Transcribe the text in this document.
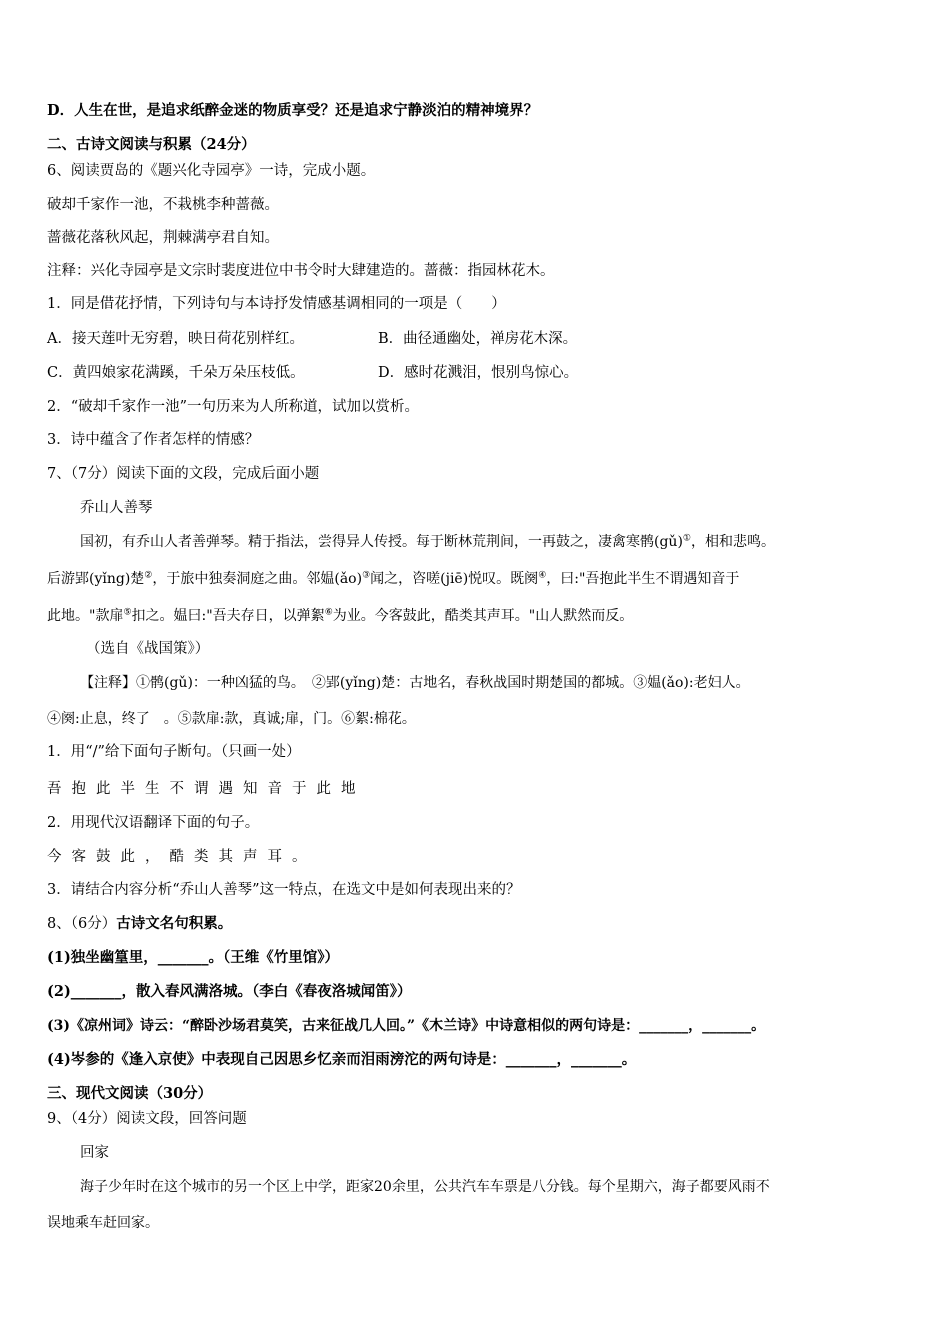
D．人生在世，是追求纸醉金迷的物质享受？还是追求宁静淡泊的精神境界？
二、古诗文阅读与积累（24分）
6、阅读贾岛的《题兴化寺园亭》一诗，完成小题。
破却千家作一池，不栽桃李种蔷薇。
蔷薇花落秋风起，荆棘满亭君自知。
注释：兴化寺园亭是文宗时裴度进位中书令时大肆建造的。蔷薇：指园林花木。
1．同是借花抒情，下列诗句与本诗抒发情感基调相同的一项是（　　）
A．接天莲叶无穷碧，映日荷花别样红。	B．曲径通幽处，禅房花木深。
C．黄四娘家花满蹊，千朵万朵压枝低。	D．感时花溅泪，恨别鸟惊心。
2．“破却千家作一池”一句历来为人所称道，试加以赏析。
3．诗中蕴含了作者怎样的情感？
7、（7分）阅读下面的文段，完成后面小题
乔山人善琴
国初，有乔山人者善弹琴。精于指法，尝得异人传授。每于断林荒荆间，一再鼓之，凄禽寒鹘(gǔ)①，相和悲鸣。
后游郢(yǐng)楚②，于旅中独奏洞庭之曲。邻媪(ǎo)③闻之，咨嗟(jiē)悦叹。既阕④，曰:"吾抱此半生不谓遇知音于
此地。"款扉⑤扣之。媪曰:"吾夫存日，以弹絮⑥为业。今客鼓此，酷类其声耳。"山人默然而反。
（选自《战国策》）
【注释】①鹘(gǔ)：一种凶猛的鸟。　②郢(yǐng)楚：古地名，春秋战国时期楚国的都城。③媪(ǎo):老妇人。
④阕:止息，终了　。⑤款扉:款，真诚;扉，门。⑥絮:棉花。
1．用“/”给下面句子断句。（只画一处）
吾抱此半生不谓遇知音于此地
2．用现代汉语翻译下面的句子。
今客鼓此，酷类其声耳。
3．请结合内容分析“乔山人善琴”这一特点，在选文中是如何表现出来的？
8、（6分）古诗文名句积累。
(1)独坐幽篁里，_______。（王维《竹里馆》）
(2)_______，散入春风满洛城。（李白《春夜洛城闻笛》）
(3)《凉州词》诗云：“醉卧沙场君莫笑，古来征战几人回。”《木兰诗》中诗意相似的两句诗是：_______，_______。
(4)岑参的《逢入京使》中表现自己因思乡忆亲而泪雨滂沱的两句诗是：_______，_______。
三、现代文阅读（30分）
9、（4分）阅读文段，回答问题
回家
海子少年时在这个城市的另一个区上中学，距家20余里，公共汽车车票是八分钱。每个星期六，海子都要风雨不
误地乘车赶回家。
